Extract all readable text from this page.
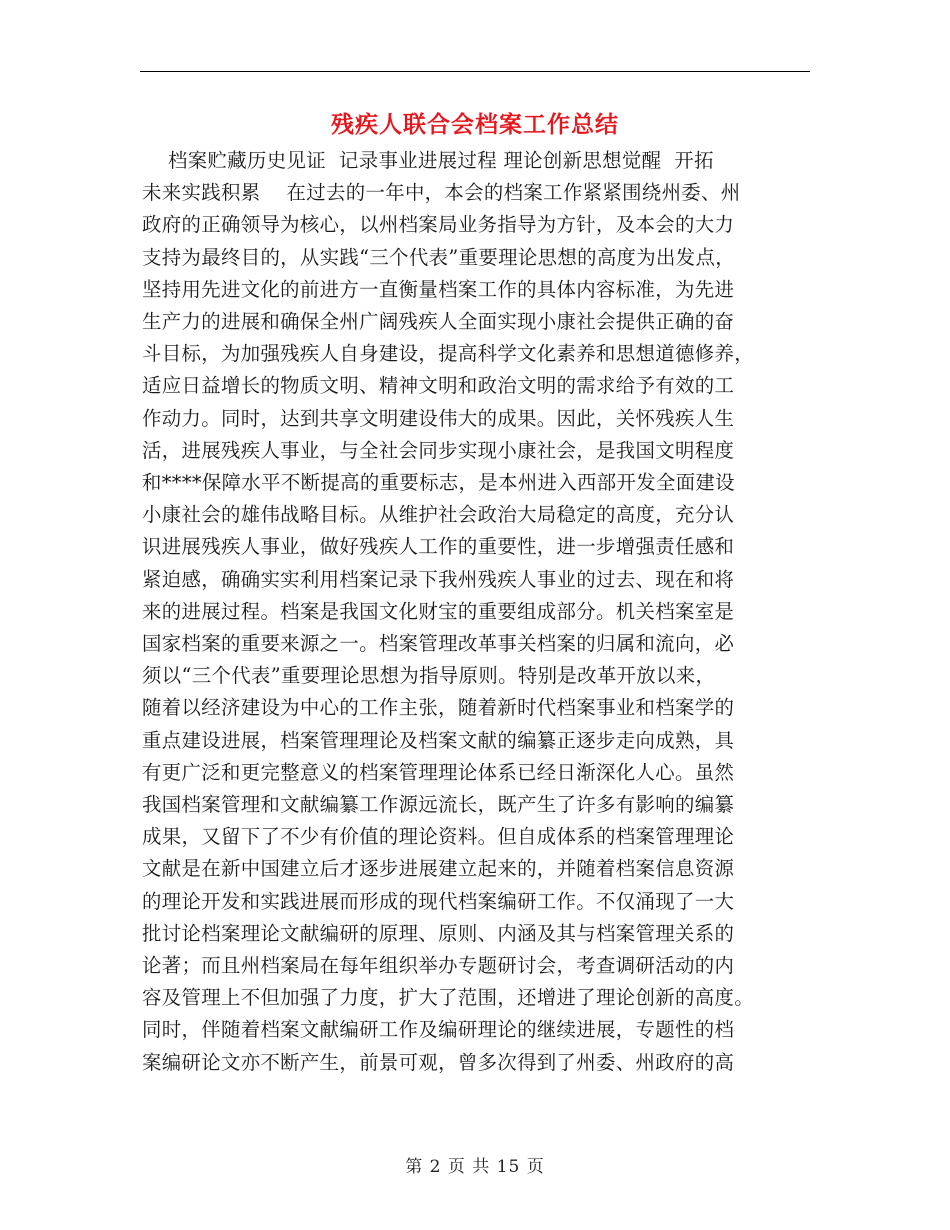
残疾人联合会档案工作总结
档案贮藏历史见证  记录事业进展过程 理论创新思想觉醒  开拓
未来实践积累    在过去的一年中，本会的档案工作紧紧围绕州委、州
政府的正确领导为核心，以州档案局业务指导为方针，及本会的大力
支持为最终目的，从实践“三个代表”重要理论思想的高度为出发点，
坚持用先进文化的前进方一直衡量档案工作的具体内容标准，为先进
生产力的进展和确保全州广阔残疾人全面实现小康社会提供正确的奋
斗目标，为加强残疾人自身建设，提高科学文化素养和思想道德修养，
适应日益增长的物质文明、精神文明和政治文明的需求给予有效的工
作动力。同时，达到共享文明建设伟大的成果。因此，关怀残疾人生
活，进展残疾人事业，与全社会同步实现小康社会，是我国文明程度
和****保障水平不断提高的重要标志，是本州进入西部开发全面建设
小康社会的雄伟战略目标。从维护社会政治大局稳定的高度，充分认
识进展残疾人事业，做好残疾人工作的重要性，进一步增强责任感和
紧迫感，确确实实利用档案记录下我州残疾人事业的过去、现在和将
来的进展过程。档案是我国文化财宝的重要组成部分。机关档案室是
国家档案的重要来源之一。档案管理改革事关档案的归属和流向，必
须以“三个代表”重要理论思想为指导原则。特别是改革开放以来，
随着以经济建设为中心的工作主张，随着新时代档案事业和档案学的
重点建设进展，档案管理理论及档案文献的编纂正逐步走向成熟，具
有更广泛和更完整意义的档案管理理论体系已经日渐深化人心。虽然
我国档案管理和文献编纂工作源远流长，既产生了许多有影响的编纂
成果，又留下了不少有价值的理论资料。但自成体系的档案管理理论
文献是在新中国建立后才逐步进展建立起来的，并随着档案信息资源
的理论开发和实践进展而形成的现代档案编研工作。不仅涌现了一大
批讨论档案理论文献编研的原理、原则、内涵及其与档案管理关系的
论著；而且州档案局在每年组织举办专题研讨会，考查调研活动的内
容及管理上不但加强了力度，扩大了范围，还增进了理论创新的高度。
同时，伴随着档案文献编研工作及编研理论的继续进展，专题性的档
案编研论文亦不断产生，前景可观，曾多次得到了州委、州政府的高
第 2 页 共 15 页
